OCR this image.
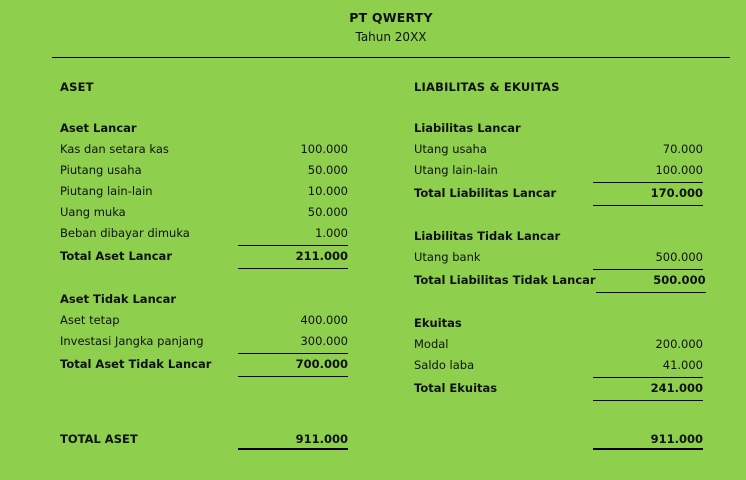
PT QWERTY
Tahun 20XX
ASET
Aset Lancar
Kas dan setara kas	100.000
Piutang usaha	50.000
Piutang lain-lain	10.000
Uang muka	50.000
Beban dibayar dimuka	1.000
Total Aset Lancar	211.000
Aset Tidak Lancar
Aset tetap	400.000
Investasi Jangka panjang	300.000
Total Aset Tidak Lancar	700.000
LIABILITAS & EKUITAS
Liabilitas Lancar
Utang usaha	70.000
Utang lain-lain	100.000
Total Liabilitas Lancar	170.000
Liabilitas Tidak Lancar
Utang bank	500.000
Total Liabilitas Tidak Lancar	500.000
Ekuitas
Modal	200.000
Saldo laba	41.000
Total Ekuitas	241.000
TOTAL ASET	911.000	911.000
